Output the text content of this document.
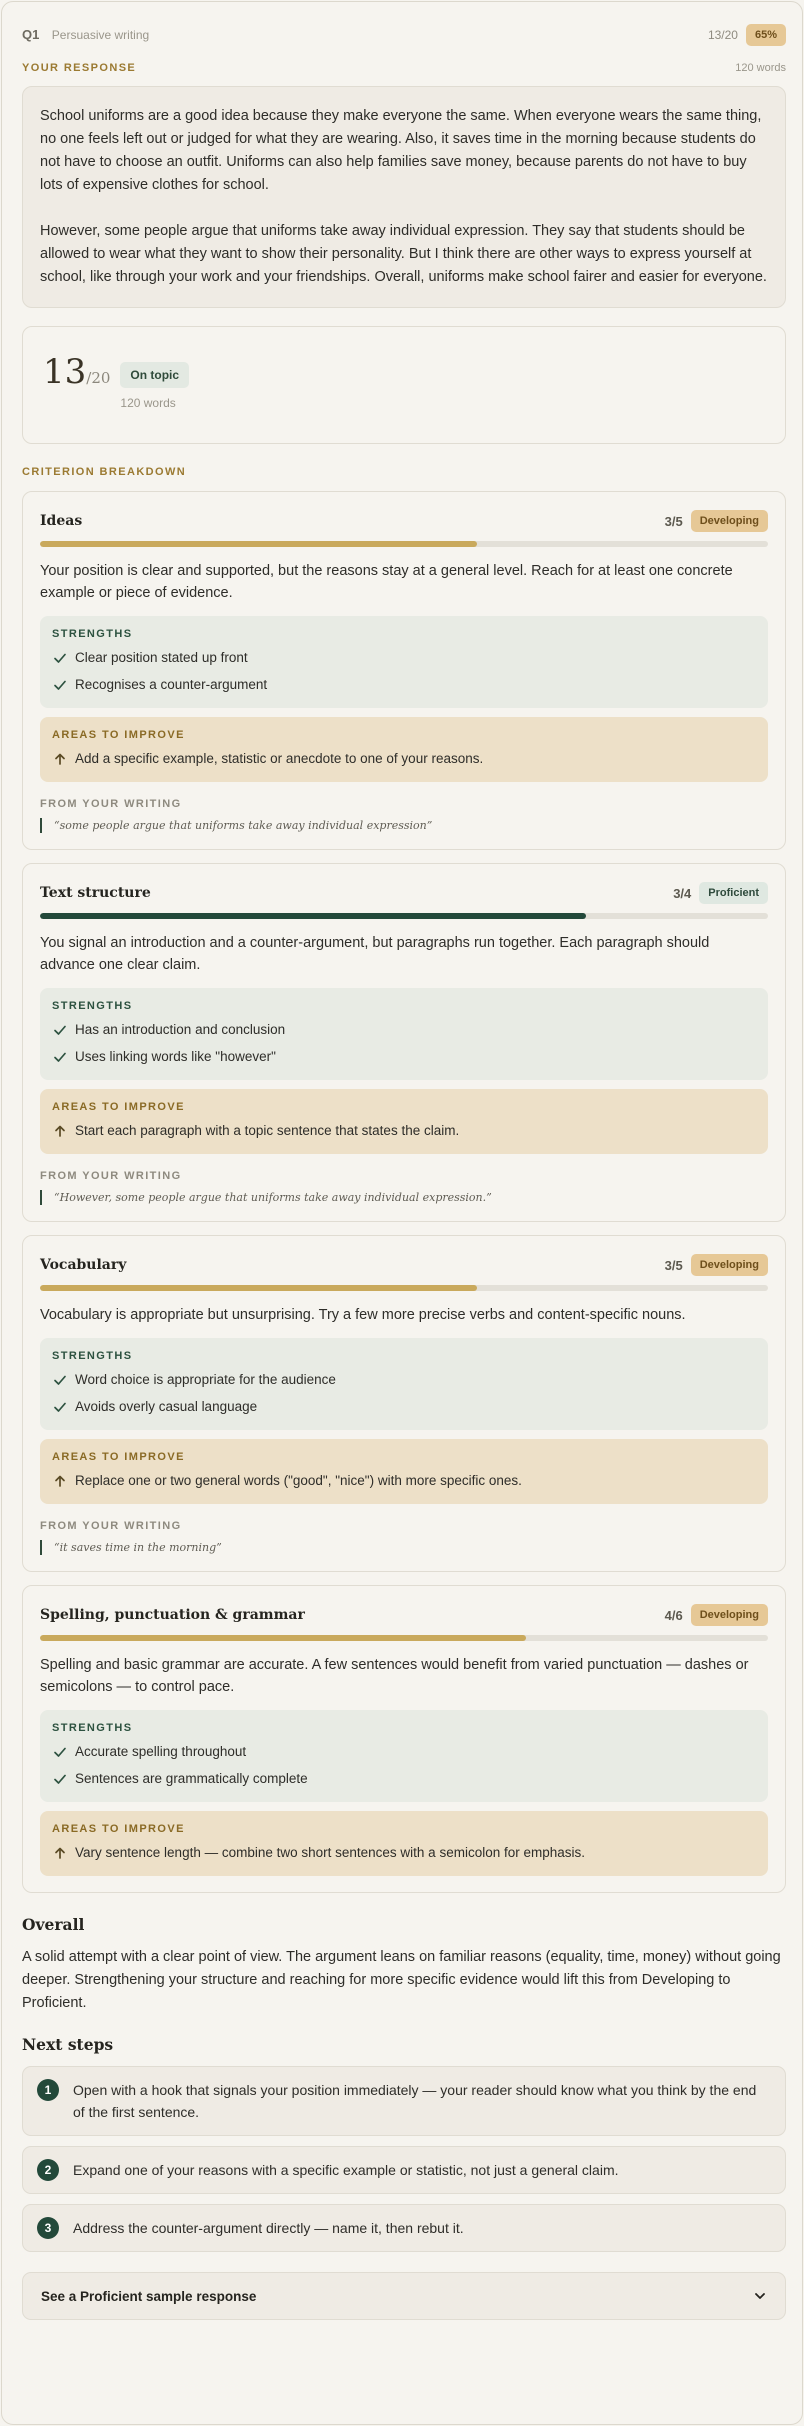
Q1 Persuasive writing	13/20	65%
YOUR RESPONSE	120 words

School uniforms are a good idea because they make everyone the same. When everyone wears the same thing, no one feels left out or judged for what they are wearing. Also, it saves time in the morning because students do not have to choose an outfit. Uniforms can also help families save money, because parents do not have to buy lots of expensive clothes for school.

However, some people argue that uniforms take away individual expression. They say that students should be allowed to wear what they want to show their personality. But I think there are other ways to express yourself at school, like through your work and your friendships. Overall, uniforms make school fairer and easier for everyone.

13/20	On topic
120 words
CRITERION BREAKDOWN
Ideas	3/5	Developing
Your position is clear and supported, but the reasons stay at a general level. Reach for at least one concrete example or piece of evidence.
STRENGTHS
Clear position stated up front
Recognises a counter-argument
AREAS TO IMPROVE
Add a specific example, statistic or anecdote to one of your reasons.
FROM YOUR WRITING
“some people argue that uniforms take away individual expression”
Text structure	3/4	Proficient
You signal an introduction and a counter-argument, but paragraphs run together. Each paragraph should advance one clear claim.
STRENGTHS
Has an introduction and conclusion
Uses linking words like "however"
AREAS TO IMPROVE
Start each paragraph with a topic sentence that states the claim.
FROM YOUR WRITING
“However, some people argue that uniforms take away individual expression.”
Vocabulary	3/5	Developing
Vocabulary is appropriate but unsurprising. Try a few more precise verbs and content-specific nouns.
STRENGTHS
Word choice is appropriate for the audience
Avoids overly casual language
AREAS TO IMPROVE
Replace one or two general words ("good", "nice") with more specific ones.
FROM YOUR WRITING
“it saves time in the morning”
Spelling, punctuation & grammar	4/6	Developing
Spelling and basic grammar are accurate. A few sentences would benefit from varied punctuation — dashes or semicolons — to control pace.
STRENGTHS
Accurate spelling throughout
Sentences are grammatically complete
AREAS TO IMPROVE
Vary sentence length — combine two short sentences with a semicolon for emphasis.
Overall
A solid attempt with a clear point of view. The argument leans on familiar reasons (equality, time, money) without going deeper. Strengthening your structure and reaching for more specific evidence would lift this from Developing to Proficient.
Next steps
1	Open with a hook that signals your position immediately — your reader should know what you think by the end of the first sentence.
2	Expand one of your reasons with a specific example or statistic, not just a general claim.
3	Address the counter-argument directly — name it, then rebut it.
See a Proficient sample response
